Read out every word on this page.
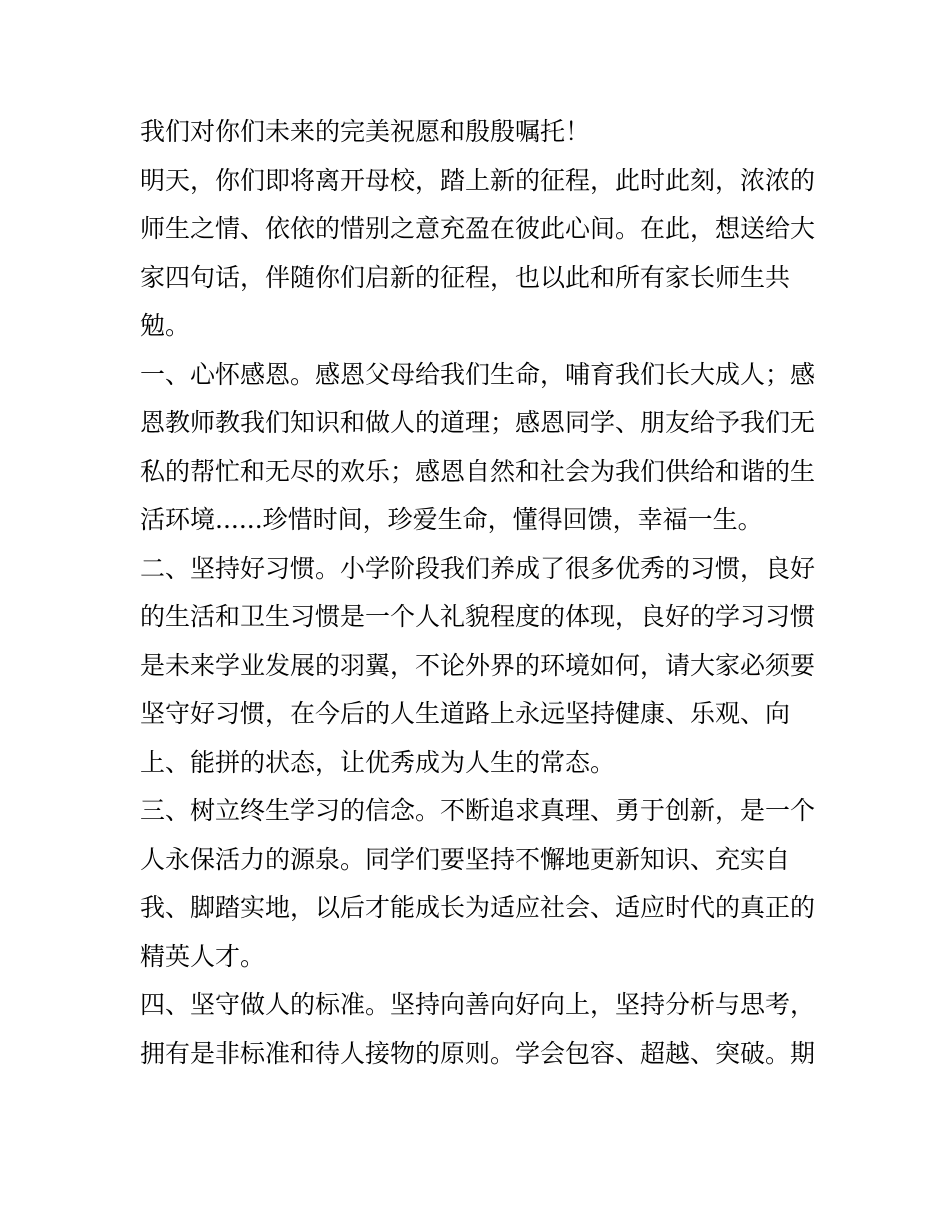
我们对你们未来的完美祝愿和殷殷嘱托！
明天，你们即将离开母校，踏上新的征程，此时此刻，浓浓的
师生之情、依依的惜别之意充盈在彼此心间。在此，想送给大
家四句话，伴随你们启新的征程，也以此和所有家长师生共
勉。
一、心怀感恩。感恩父母给我们生命，哺育我们长大成人；感
恩教师教我们知识和做人的道理；感恩同学、朋友给予我们无
私的帮忙和无尽的欢乐；感恩自然和社会为我们供给和谐的生
活环境......珍惜时间，珍爱生命，懂得回馈，幸福一生。
二、坚持好习惯。小学阶段我们养成了很多优秀的习惯，良好
的生活和卫生习惯是一个人礼貌程度的体现，良好的学习习惯
是未来学业发展的羽翼，不论外界的环境如何，请大家必须要
坚守好习惯，在今后的人生道路上永远坚持健康、乐观、向
上、能拼的状态，让优秀成为人生的常态。
三、树立终生学习的信念。不断追求真理、勇于创新，是一个
人永保活力的源泉。同学们要坚持不懈地更新知识、充实自
我、脚踏实地，以后才能成长为适应社会、适应时代的真正的
精英人才。
四、坚守做人的标准。坚持向善向好向上，坚持分析与思考，
拥有是非标准和待人接物的原则。学会包容、超越、突破。期
